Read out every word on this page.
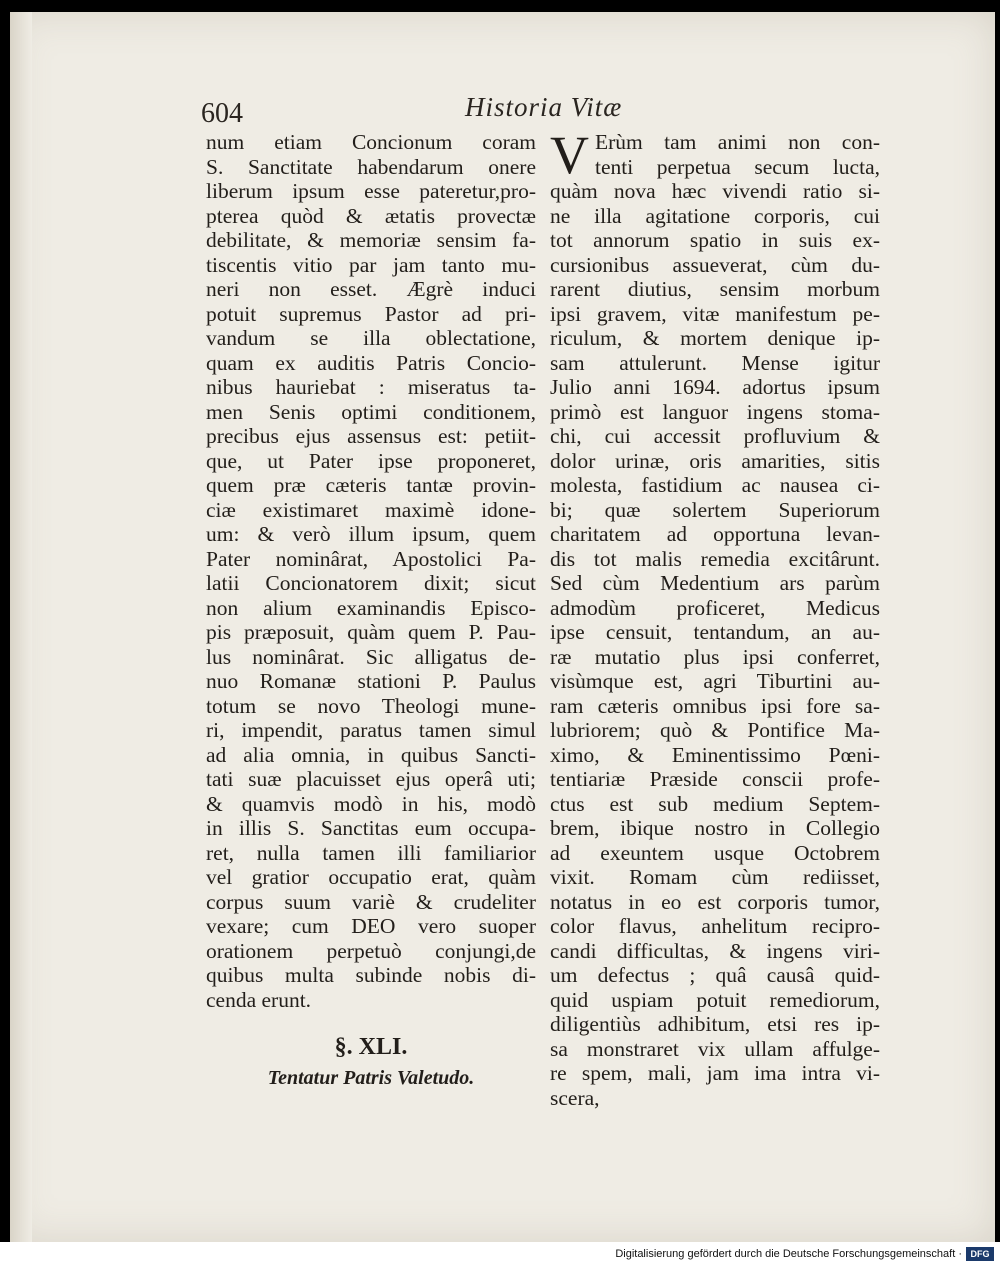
604	Historia Vitæ
num etiam Concionum coram
S. Sanctitate habendarum onere
liberum ipsum esse pateretur,pro-
pterea quòd & ætatis provectæ
debilitate, & memoriæ sensim fa-
tiscentis vitio par jam tanto mu-
neri non esset. Ægrè induci
potuit supremus Pastor ad pri-
vandum se illa oblectatione,
quam ex auditis Patris Concio-
nibus hauriebat : miseratus ta-
men Senis optimi conditionem,
precibus ejus assensus est: petiit-
que, ut Pater ipse proponeret,
quem præ cæteris tantæ provin-
ciæ existimaret maximè idone-
um: & verò illum ipsum, quem
Pater nominârat, Apostolici Pa-
latii Concionatorem dixit; sicut
non alium examinandis Episco-
pis præposuit, quàm quem P. Pau-
lus nominârat. Sic alligatus de-
nuo Romanæ stationi P. Paulus
totum se novo Theologi mune-
ri, impendit, paratus tamen simul
ad alia omnia, in quibus Sancti-
tati suæ placuisset ejus operâ uti;
& quamvis modò in his, modò
in illis S. Sanctitas eum occupa-
ret, nulla tamen illi familiarior
vel gratior occupatio erat, quàm
corpus suum variè & crudeliter
vexare; cum DEO vero suoper
orationem perpetuò conjungi,de
quibus multa subinde nobis di-
cenda erunt.
§. XLI.
Tentatur Patris Valetudo.
V Erùm tam animi non con-
tenti perpetua secum lucta,
quàm nova hæc vivendi ratio si-
ne illa agitatione corporis, cui
tot annorum spatio in suis ex-
cursionibus assueverat, cùm du-
rarent diutius, sensim morbum
ipsi gravem, vitæ manifestum pe-
riculum, & mortem denique ip-
sam attulerunt. Mense igitur
Julio anni 1694. adortus ipsum
primò est languor ingens stoma-
chi, cui accessit profluvium &
dolor urinæ, oris amarities, sitis
molesta, fastidium ac nausea ci-
bi; quæ solertem Superiorum
charitatem ad opportuna levan-
dis tot malis remedia excitârunt.
Sed cùm Medentium ars parùm
admodùm proficeret, Medicus
ipse censuit, tentandum, an au-
ræ mutatio plus ipsi conferret,
visùmque est, agri Tiburtini au-
ram cæteris omnibus ipsi fore sa-
lubriorem; quò & Pontifice Ma-
ximo, & Eminentissimo Pœni-
tentiariæ Præside conscii profe-
ctus est sub medium Septem-
brem, ibique nostro in Collegio
ad exeuntem usque Octobrem
vixit. Romam cùm rediisset,
notatus in eo est corporis tumor,
color flavus, anhelitum recipro-
candi difficultas, & ingens viri-
um defectus ; quâ causâ quid-
quid uspiam potuit remediorum,
diligentiùs adhibitum, etsi res ip-
sa monstraret vix ullam affulge-
re spem, mali, jam ima intra vi-
scera,
Digitalisierung gefördert durch die Deutsche Forschungsgemeinschaft · DFG
